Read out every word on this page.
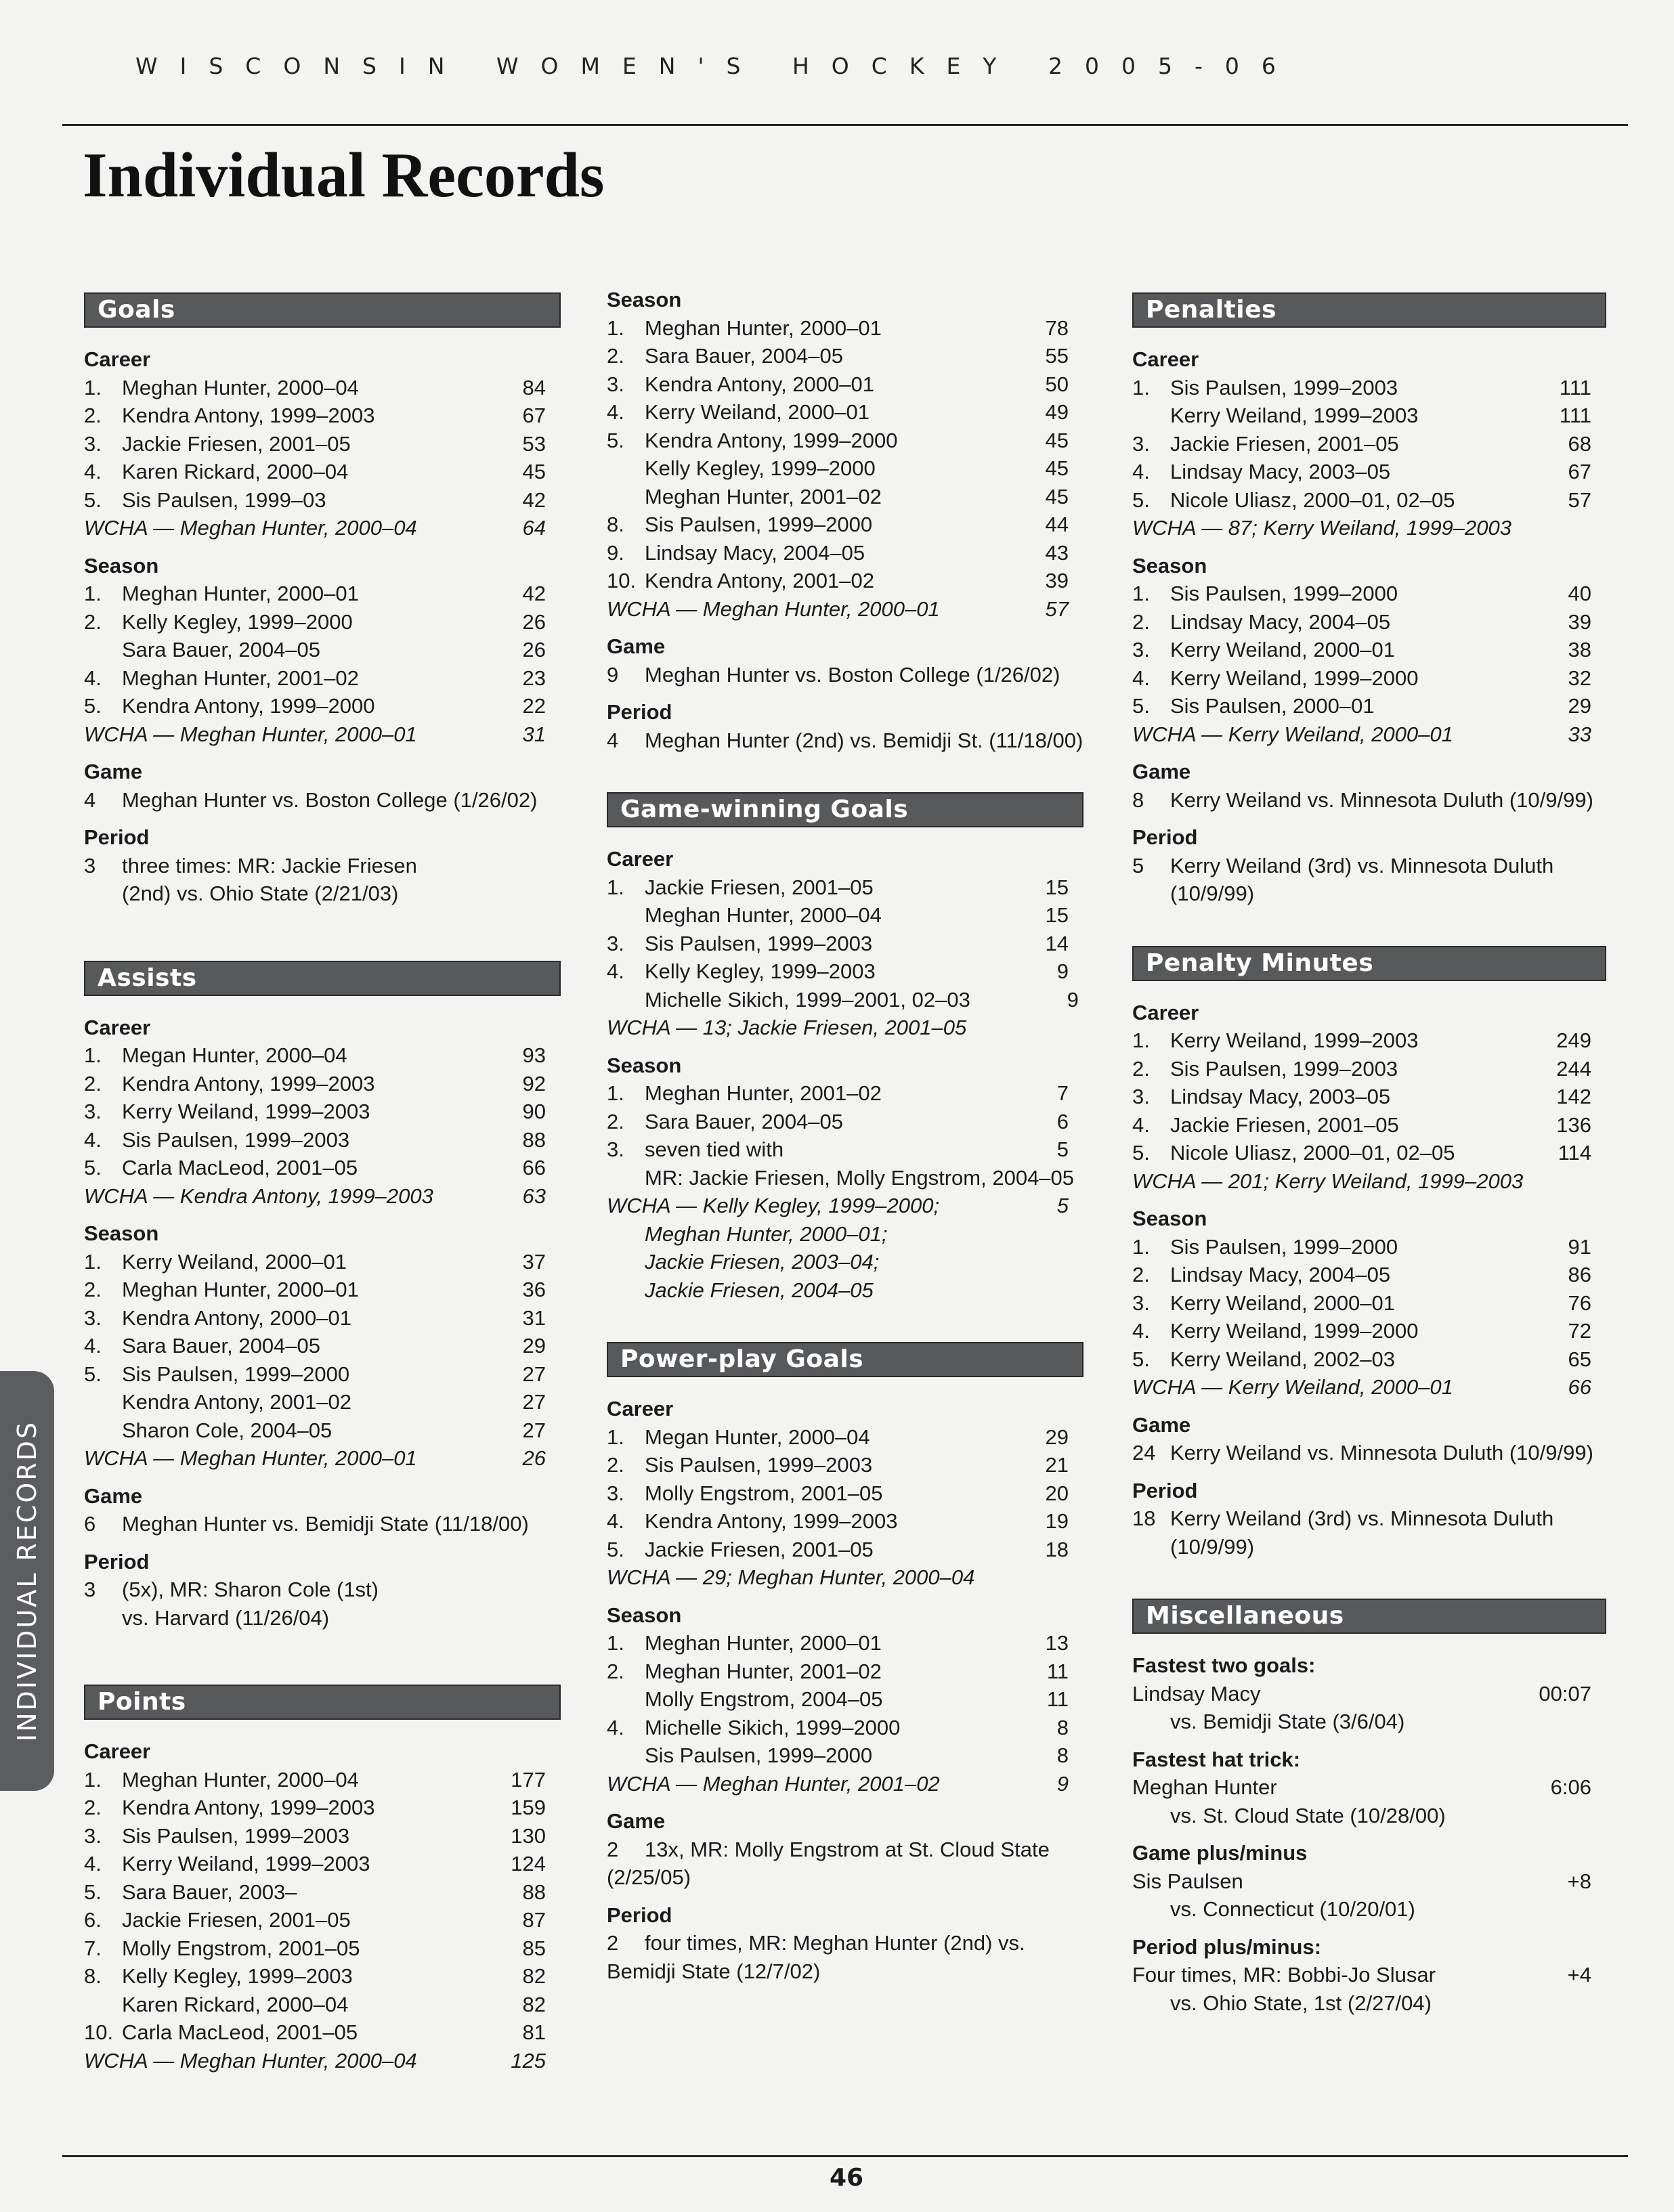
WISCONSIN WOMEN'S HOCKEY 2005-06
Individual Records
Goals
Career
1. Meghan Hunter, 2000–04	84
2. Kendra Antony, 1999–2003	67
3. Jackie Friesen, 2001–05	53
4. Karen Rickard, 2000–04	45
5. Sis Paulsen, 1999–03	42
WCHA — Meghan Hunter, 2000–04	64
Season
1. Meghan Hunter, 2000–01	42
2. Kelly Kegley, 1999–2000	26
Sara Bauer, 2004–05	26
4. Meghan Hunter, 2001–02	23
5. Kendra Antony, 1999–2000	22
WCHA — Meghan Hunter, 2000–01	31
Game
4	Meghan Hunter vs. Boston College (1/26/02)
Period
3	three times: MR: Jackie Friesen
(2nd) vs. Ohio State (2/21/03)
Assists
Career
1. Megan Hunter, 2000–04	93
2. Kendra Antony, 1999–2003	92
3. Kerry Weiland, 1999–2003	90
4. Sis Paulsen, 1999–2003	88
5. Carla MacLeod, 2001–05	66
WCHA — Kendra Antony, 1999–2003	63
Season
1. Kerry Weiland, 2000–01	37
2. Meghan Hunter, 2000–01	36
3. Kendra Antony, 2000–01	31
4. Sara Bauer, 2004–05	29
5. Sis Paulsen, 1999–2000	27
Kendra Antony, 2001–02	27
Sharon Cole, 2004–05	27
WCHA — Meghan Hunter, 2000–01	26
Game
6	Meghan Hunter vs. Bemidji State (11/18/00)
Period
3	(5x), MR: Sharon Cole (1st)
vs. Harvard (11/26/04)
Points
Career
1. Meghan Hunter, 2000–04	177
2. Kendra Antony, 1999–2003	159
3. Sis Paulsen, 1999–2003	130
4. Kerry Weiland, 1999–2003	124
5. Sara Bauer, 2003–	88
6. Jackie Friesen, 2001–05	87
7. Molly Engstrom, 2001–05	85
8. Kelly Kegley, 1999–2003	82
Karen Rickard, 2000–04	82
10. Carla MacLeod, 2001–05	81
WCHA — Meghan Hunter, 2000–04	125
Season
1. Meghan Hunter, 2000–01	78
2. Sara Bauer, 2004–05	55
3. Kendra Antony, 2000–01	50
4. Kerry Weiland, 2000–01	49
5. Kendra Antony, 1999–2000	45
Kelly Kegley, 1999–2000	45
Meghan Hunter, 2001–02	45
8. Sis Paulsen, 1999–2000	44
9. Lindsay Macy, 2004–05	43
10. Kendra Antony, 2001–02	39
WCHA — Meghan Hunter, 2000–01	57
Game
9	Meghan Hunter vs. Boston College (1/26/02)
Period
4	Meghan Hunter (2nd) vs. Bemidji St. (11/18/00)
Game-winning Goals
Career
1. Jackie Friesen, 2001–05	15
Meghan Hunter, 2000–04	15
3. Sis Paulsen, 1999–2003	14
4. Kelly Kegley, 1999–2003	9
Michelle Sikich, 1999–2001, 02–03	9
WCHA — 13; Jackie Friesen, 2001–05
Season
1. Meghan Hunter, 2001–02	7
2. Sara Bauer, 2004–05	6
3. seven tied with	5
MR: Jackie Friesen, Molly Engstrom, 2004–05
WCHA — Kelly Kegley, 1999–2000;	5
Meghan Hunter, 2000–01;
Jackie Friesen, 2003–04;
Jackie Friesen, 2004–05
Power-play Goals
Career
1. Megan Hunter, 2000–04	29
2. Sis Paulsen, 1999–2003	21
3. Molly Engstrom, 2001–05	20
4. Kendra Antony, 1999–2003	19
5. Jackie Friesen, 2001–05	18
WCHA — 29; Meghan Hunter, 2000–04
Season
1. Meghan Hunter, 2000–01	13
2. Meghan Hunter, 2001–02	11
Molly Engstrom, 2004–05	11
4. Michelle Sikich, 1999–2000	8
Sis Paulsen, 1999–2000	8
WCHA — Meghan Hunter, 2001–02	9
Game
2	13x, MR: Molly Engstrom at St. Cloud State
(2/25/05)
Period
2	four times, MR: Meghan Hunter (2nd) vs.
Bemidji State (12/7/02)
Penalties
Career
1. Sis Paulsen, 1999–2003	111
Kerry Weiland, 1999–2003	111
3. Jackie Friesen, 2001–05	68
4. Lindsay Macy, 2003–05	67
5. Nicole Uliasz, 2000–01, 02–05	57
WCHA — 87; Kerry Weiland, 1999–2003
Season
1. Sis Paulsen, 1999–2000	40
2. Lindsay Macy, 2004–05	39
3. Kerry Weiland, 2000–01	38
4. Kerry Weiland, 1999–2000	32
5. Sis Paulsen, 2000–01	29
WCHA — Kerry Weiland, 2000–01	33
Game
8	Kerry Weiland vs. Minnesota Duluth (10/9/99)
Period
5	Kerry Weiland (3rd) vs. Minnesota Duluth
(10/9/99)
Penalty Minutes
Career
1. Kerry Weiland, 1999–2003	249
2. Sis Paulsen, 1999–2003	244
3. Lindsay Macy, 2003–05	142
4. Jackie Friesen, 2001–05	136
5. Nicole Uliasz, 2000–01, 02–05	114
WCHA — 201; Kerry Weiland, 1999–2003
Season
1. Sis Paulsen, 1999–2000	91
2. Lindsay Macy, 2004–05	86
3. Kerry Weiland, 2000–01	76
4. Kerry Weiland, 1999–2000	72
5. Kerry Weiland, 2002–03	65
WCHA — Kerry Weiland, 2000–01	66
Game
24 Kerry Weiland vs. Minnesota Duluth (10/9/99)
Period
18 Kerry Weiland (3rd) vs. Minnesota Duluth
(10/9/99)
Miscellaneous
Fastest two goals:
Lindsay Macy	00:07
vs. Bemidji State (3/6/04)
Fastest hat trick:
Meghan Hunter	6:06
vs. St. Cloud State (10/28/00)
Game plus/minus
Sis Paulsen	+8
vs. Connecticut (10/20/01)
Period plus/minus:
Four times, MR: Bobbi-Jo Slusar	+4
vs. Ohio State, 1st (2/27/04)
INDIVIDUAL RECORDS
46
